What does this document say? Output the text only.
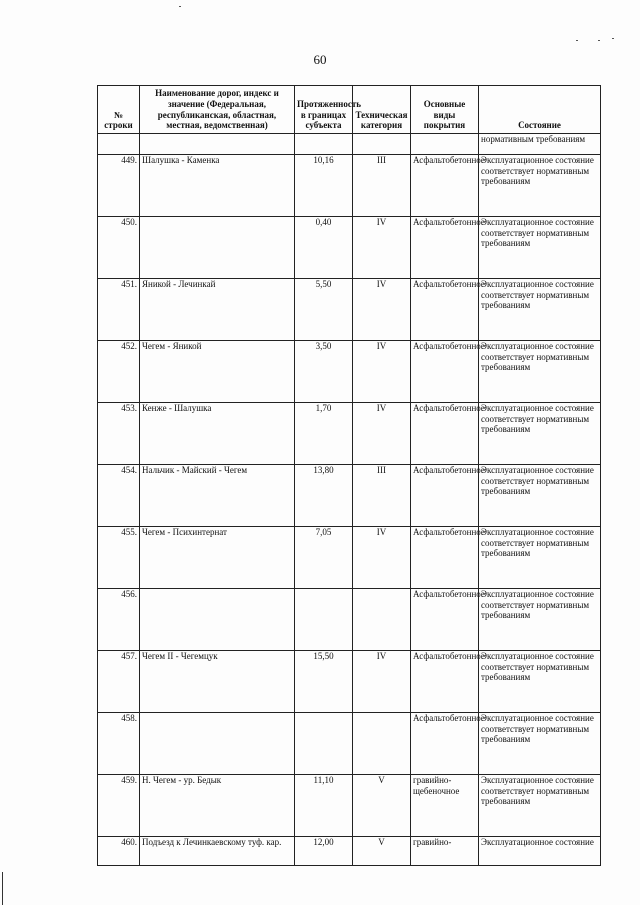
60
№ строки	Наименование дорог, индекс и значение (Федеральная, республиканская, областная, местная, ведомственная)	Протяженность в границах субъекта	Техническая категория	Основные виды покрытия	Состояние
					нормативным требованиям
449.	Шалушка - Каменка	10,16	III	Асфальтобетонное	Эксплуатационное состояние соответствует нормативным требованиям
450.		0,40	IV	Асфальтобетонное	Эксплуатационное состояние соответствует нормативным требованиям
451.	Яникой - Лечинкай	5,50	IV	Асфальтобетонное	Эксплуатационное состояние соответствует нормативным требованиям
452.	Чегем - Яникой	3,50	IV	Асфальтобетонное	Эксплуатационное состояние соответствует нормативным требованиям
453.	Кенже - Шалушка	1,70	IV	Асфальтобетонное	Эксплуатационное состояние соответствует нормативным требованиям
454.	Нальчик - Майский - Чегем	13,80	III	Асфальтобетонное	Эксплуатационное состояние соответствует нормативным требованиям
455.	Чегем - Психинтернат	7,05	IV	Асфальтобетонное	Эксплуатационное состояние соответствует нормативным требованиям
456.				Асфальтобетонное	Эксплуатационное состояние соответствует нормативным требованиям
457.	Чегем II - Чегемцук	15,50	IV	Асфальтобетонное	Эксплуатационное состояние соответствует нормативным требованиям
458.				Асфальтобетонное	Эксплуатационное состояние соответствует нормативным требованиям
459.	Н. Чегем - ур. Бедык	11,10	V	гравийно-щебеночное	Эксплуатационное состояние соответствует нормативным требованиям
460.	Подъезд к Лечинкаевскому туф. кар.	12,00	V	гравийно-	Эксплуатационное состояние
